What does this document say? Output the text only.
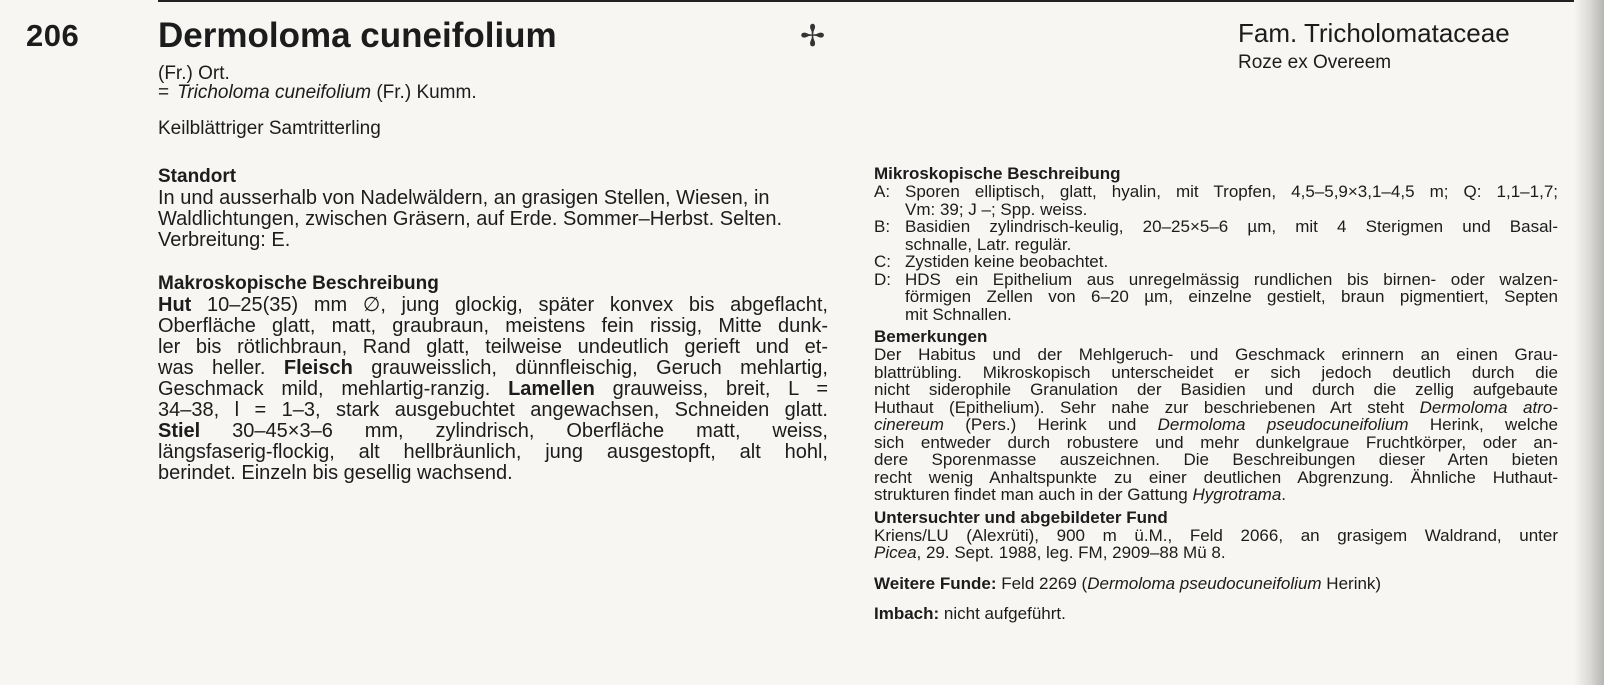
206 Dermoloma cuneifolium	✢	Fam. Tricholomataceae
Roze ex Overeem
(Fr.) Ort.
= Tricholoma cuneifolium (Fr.) Kumm.
Keilblättriger Samtritterling
Standort

In und ausserhalb von Nadelwäldern, an grasigen Stellen, Wiesen, in Waldlichtungen, zwischen Gräsern, auf Erde. Sommer–Herbst. Selten. Verbreitung: E.

Makroskopische Beschreibung

Hut 10–25(35) mm ∅, jung glockig, später konvex bis abgeflacht,
Oberfläche glatt, matt, graubraun, meistens fein rissig, Mitte dunk-
ler bis rötlichbraun, Rand glatt, teilweise undeutlich gerieft und et-
was heller. Fleisch grauweisslich, dünnfleischig, Geruch mehlartig,
Geschmack mild, mehlartig-ranzig. Lamellen grauweiss, breit, L =
34–38, l = 1–3, stark ausgebuchtet angewachsen, Schneiden glatt.
Stiel 30–45×3–6 mm, zylindrisch, Oberfläche matt, weiss,
längsfaserig-flockig, alt hellbräunlich, jung ausgestopft, alt hohl,
berindet. Einzeln bis gesellig wachsend.

Mikroskopische Beschreibung
A: Sporen elliptisch, glatt, hyalin, mit Tropfen, 4,5–5,9×3,1–4,5 m; Q: 1,1–1,7;
Vm: 39; J –; Spp. weiss.
B: Basidien zylindrisch-keulig, 20–25×5–6 µm, mit 4 Sterigmen und Basal-
schnalle, Latr. regulär.
C: Zystiden keine beobachtet.
D: HDS ein Epithelium aus unregelmässig rundlichen bis birnen- oder walzen-
förmigen Zellen von 6–20 µm, einzelne gestielt, braun pigmentiert, Septen
mit Schnallen.
Bemerkungen
Der Habitus und der Mehlgeruch- und Geschmack erinnern an einen Grau-
blattrübling. Mikroskopisch unterscheidet er sich jedoch deutlich durch die
nicht siderophile Granulation der Basidien und durch die zellig aufgebaute
Huthaut (Epithelium). Sehr nahe zur beschriebenen Art steht Dermoloma atro-
cinereum (Pers.) Herink und Dermoloma pseudocuneifolium Herink, welche
sich entweder durch robustere und mehr dunkelgraue Fruchtkörper, oder an-
dere Sporenmasse auszeichnen. Die Beschreibungen dieser Arten bieten
recht wenig Anhaltspunkte zu einer deutlichen Abgrenzung. Ähnliche Huthaut-
strukturen findet man auch in der Gattung Hygrotrama.
Untersuchter und abgebildeter Fund
Kriens/LU (Alexrüti), 900 m ü.M., Feld 2066, an grasigem Waldrand, unter
Picea, 29. Sept. 1988, leg. FM, 2909–88 Mü 8.
Weitere Funde: Feld 2269 (Dermoloma pseudocuneifolium Herink)
Imbach: nicht aufgeführt.
